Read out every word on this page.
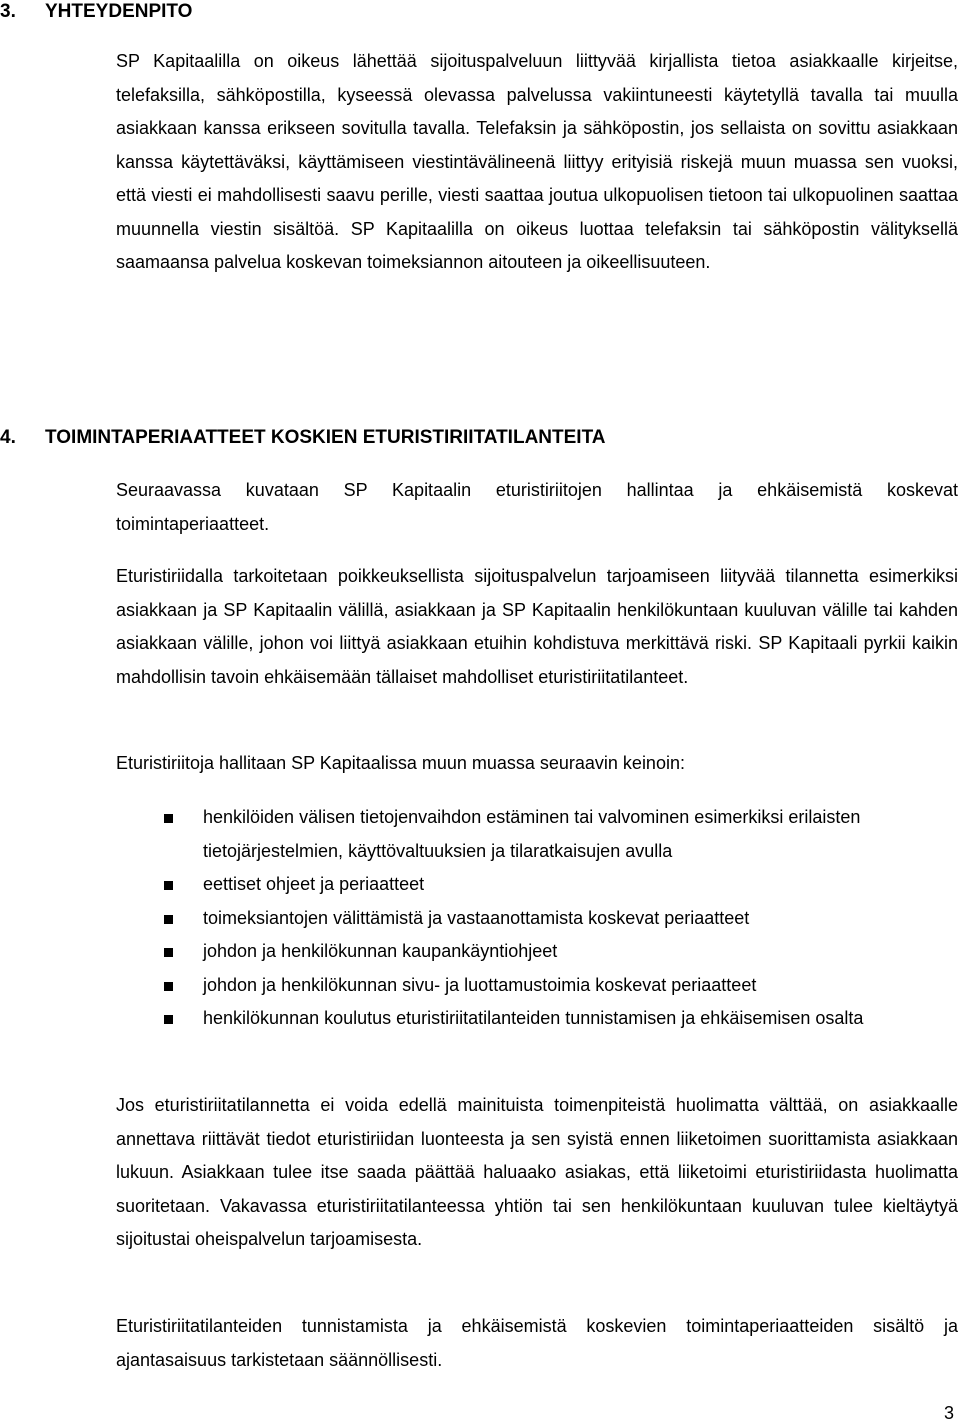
3. YHTEYDENPITO

SP Kapitaalilla on oikeus lähettää sijoituspalveluun liittyvää kirjallista tietoa asiakkaalle kirjeitse, telefaksilla, sähköpostilla, kyseessä olevassa palvelussa vakiintuneesti käytetyllä tavalla tai muulla asiakkaan kanssa erikseen sovitulla tavalla. Telefaksin ja sähköpostin, jos sellaista on sovittu asiakkaan kanssa käytettäväksi, käyttämiseen viestintävälineenä liittyy erityisiä riskejä muun muassa sen vuoksi, että viesti ei mahdollisesti saavu perille, viesti saattaa joutua ulkopuolisen tietoon tai ulkopuolinen saattaa muunnella viestin sisältöä. SP Kapitaalilla on oikeus luottaa telefaksin tai sähköpostin välityksellä saamaansa palvelua koskevan toimeksiannon aitouteen ja oikeellisuuteen.

4. TOIMINTAPERIAATTEET KOSKIEN ETURISTIRIITATILANTEITA

Seuraavassa kuvataan SP Kapitaalin eturistiriitojen hallintaa ja ehkäisemistä koskevat toimintaperiaatteet.

Eturistiriidalla tarkoitetaan poikkeuksellista sijoituspalvelun tarjoamiseen liityvää tilannetta esimerkiksi asiakkaan ja SP Kapitaalin välillä, asiakkaan ja SP Kapitaalin henkilökuntaan kuuluvan välille tai kahden asiakkaan välille, johon voi liittyä asiakkaan etuihin kohdistuva merkittävä riski. SP Kapitaali pyrkii kaikin mahdollisin tavoin ehkäisemään tällaiset mahdolliset eturistiriitatilanteet.

Eturistiriitoja hallitaan SP Kapitaalissa muun muassa seuraavin keinoin:

henkilöiden välisen tietojenvaihdon estäminen tai valvominen esimerkiksi erilaisten tietojärjestelmien, käyttövaltuuksien ja tilaratkaisujen avulla
eettiset ohjeet ja periaatteet
toimeksiantojen välittämistä ja vastaanottamista koskevat periaatteet
johdon ja henkilökunnan kaupankäyntiohjeet
johdon ja henkilökunnan sivu- ja luottamustoimia koskevat periaatteet
henkilökunnan koulutus eturistiriitatilanteiden tunnistamisen ja ehkäisemisen osalta

Jos eturistiriitatilannetta ei voida edellä mainituista toimenpiteistä huolimatta välttää, on asiakkaalle annettava riittävät tiedot eturistiriidan luonteesta ja sen syistä ennen liiketoimen suorittamista asiakkaan lukuun. Asiakkaan tulee itse saada päättää haluaako asiakas, että liiketoimi eturistiriidasta huolimatta suoritetaan. Vakavassa eturistiriitatilanteessa yhtiön tai sen henkilökuntaan kuuluvan tulee kieltäytyä sijoitustai oheispalvelun tarjoamisesta.

Eturistiriitatilanteiden tunnistamista ja ehkäisemistä koskevien toimintaperiaatteiden sisältö ja ajantasaisuus tarkistetaan säännöllisesti.

3
